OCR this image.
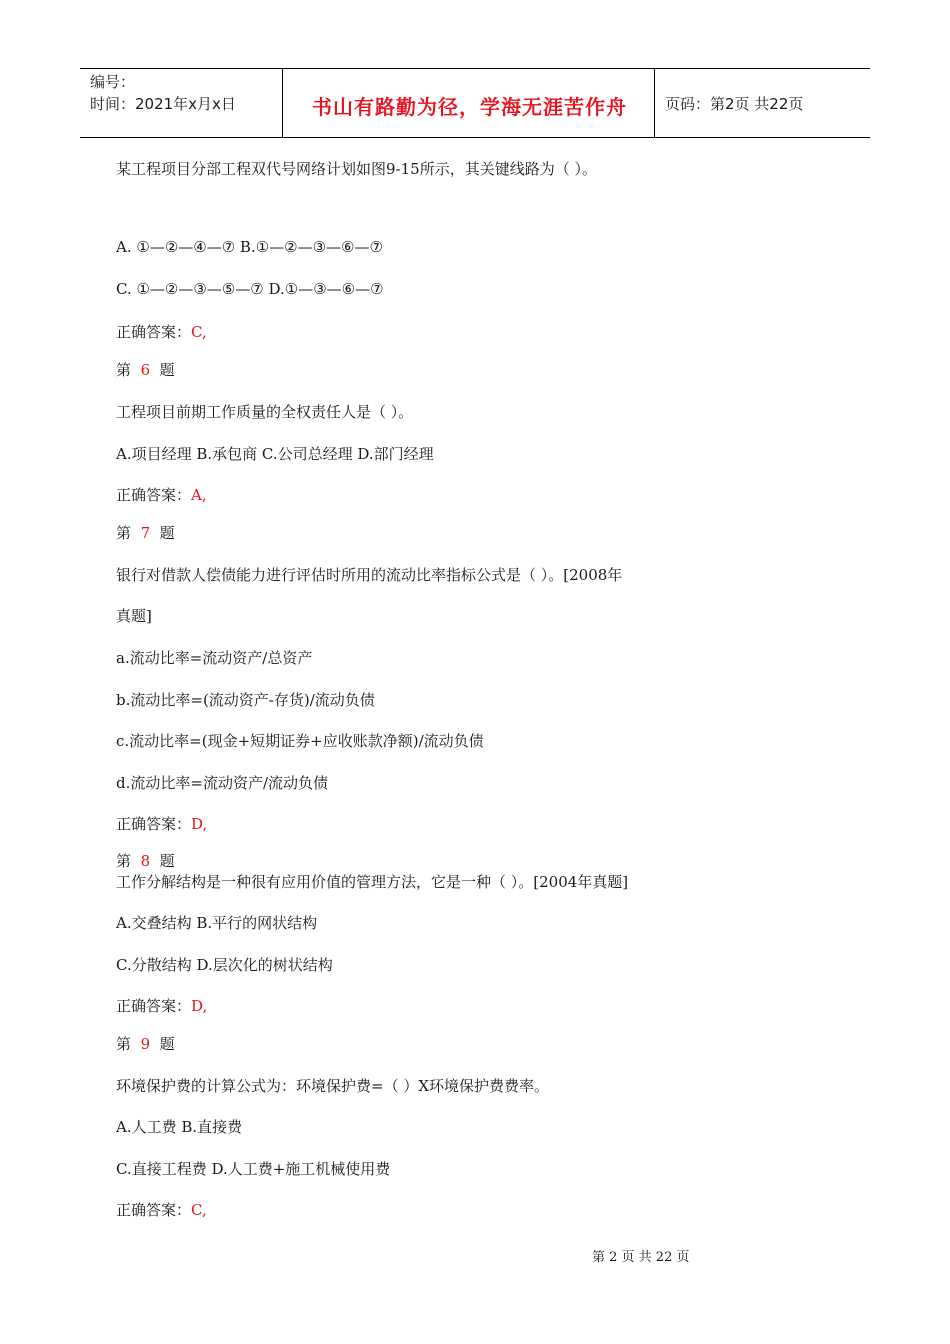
编号：
时间：2021年x月x日	书山有路勤为径，学海无涯苦作舟	页码：第2页 共22页
某工程项目分部工程双代号网络计划如图9-15所示，其关键线路为（ ）。
A. ①—②—④—⑦ B.①—②—③—⑥—⑦
C. ①—②—③—⑤—⑦ D.①—③—⑥—⑦
正确答案：C,
第 6 题
工程项目前期工作质量的全权责任人是（ ）。
A.项目经理 B.承包商 C.公司总经理 D.部门经理
正确答案：A,
第 7 题
银行对借款人偿债能力进行评估时所用的流动比率指标公式是（ ）。[2008年
真题]
a.流动比率=流动资产/总资产
b.流动比率=(流动资产-存货)/流动负债
c.流动比率=(现金+短期证券+应收账款净额)/流动负债
d.流动比率=流动资产/流动负债
正确答案：D,
第 8 题
工作分解结构是一种很有应用价值的管理方法，它是一种（ ）。[2004年真题]
A.交叠结构 B.平行的网状结构
C.分散结构 D.层次化的树状结构
正确答案：D,
第 9 题
环境保护费的计算公式为：环境保护费=（ ）X环境保护费费率。
A.人工费 B.直接费
C.直接工程费 D.人工费+施工机械使用费
正确答案：C,
第 2 页 共 22 页
